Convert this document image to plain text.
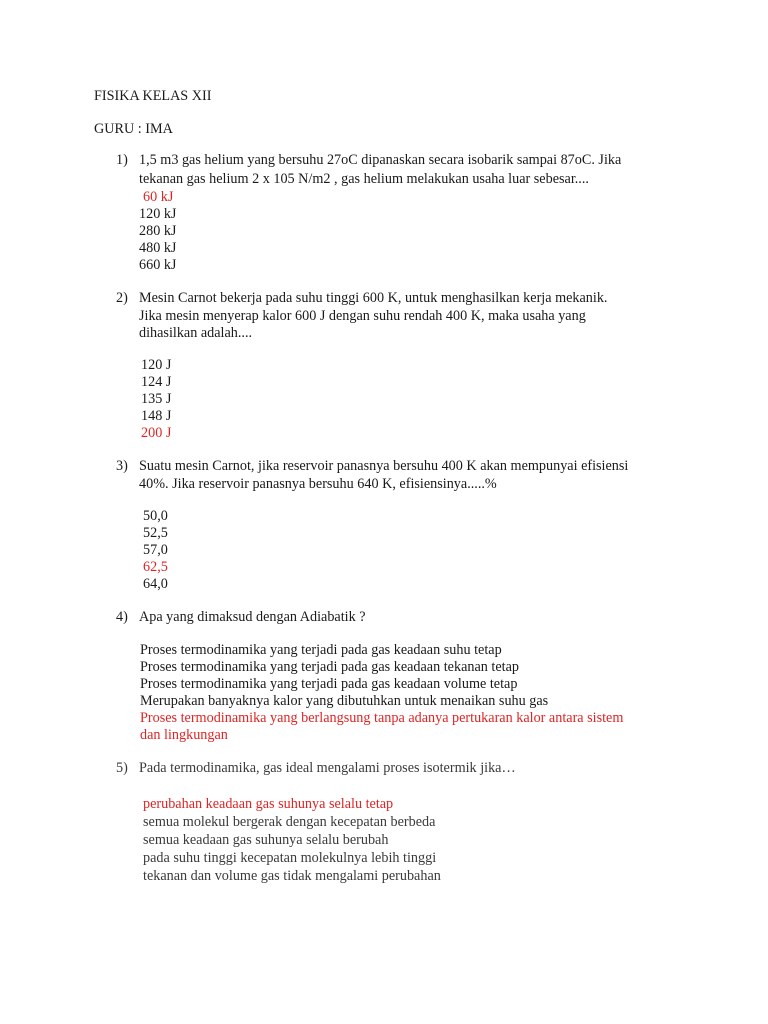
FISIKA KELAS XII
GURU : IMA
1) 1,5 m3 gas helium yang bersuhu 27oC dipanaskan secara isobarik sampai 87oC. Jika
tekanan gas helium 2 x 105 N/m2 , gas helium melakukan usaha luar sebesar....
60 kJ
120 kJ
280 kJ
480 kJ
660 kJ
2) Mesin Carnot bekerja pada suhu tinggi 600 K, untuk menghasilkan kerja mekanik.
Jika mesin menyerap kalor 600 J dengan suhu rendah 400 K, maka usaha yang
dihasilkan adalah....
120 J
124 J
135 J
148 J
200 J
3) Suatu mesin Carnot, jika reservoir panasnya bersuhu 400 K akan mempunyai efisiensi
40%. Jika reservoir panasnya bersuhu 640 K, efisiensinya.....%
50,0
52,5
57,0
62,5
64,0
4) Apa yang dimaksud dengan Adiabatik ?
Proses termodinamika yang terjadi pada gas keadaan suhu tetap
Proses termodinamika yang terjadi pada gas keadaan tekanan tetap
Proses termodinamika yang terjadi pada gas keadaan volume tetap
Merupakan banyaknya kalor yang dibutuhkan untuk menaikan suhu gas
Proses termodinamika yang berlangsung tanpa adanya pertukaran kalor antara sistem
dan lingkungan
5) Pada termodinamika, gas ideal mengalami proses isotermik jika…
perubahan keadaan gas suhunya selalu tetap
semua molekul bergerak dengan kecepatan berbeda
semua keadaan gas suhunya selalu berubah
pada suhu tinggi kecepatan molekulnya lebih tinggi
tekanan dan volume gas tidak mengalami perubahan
